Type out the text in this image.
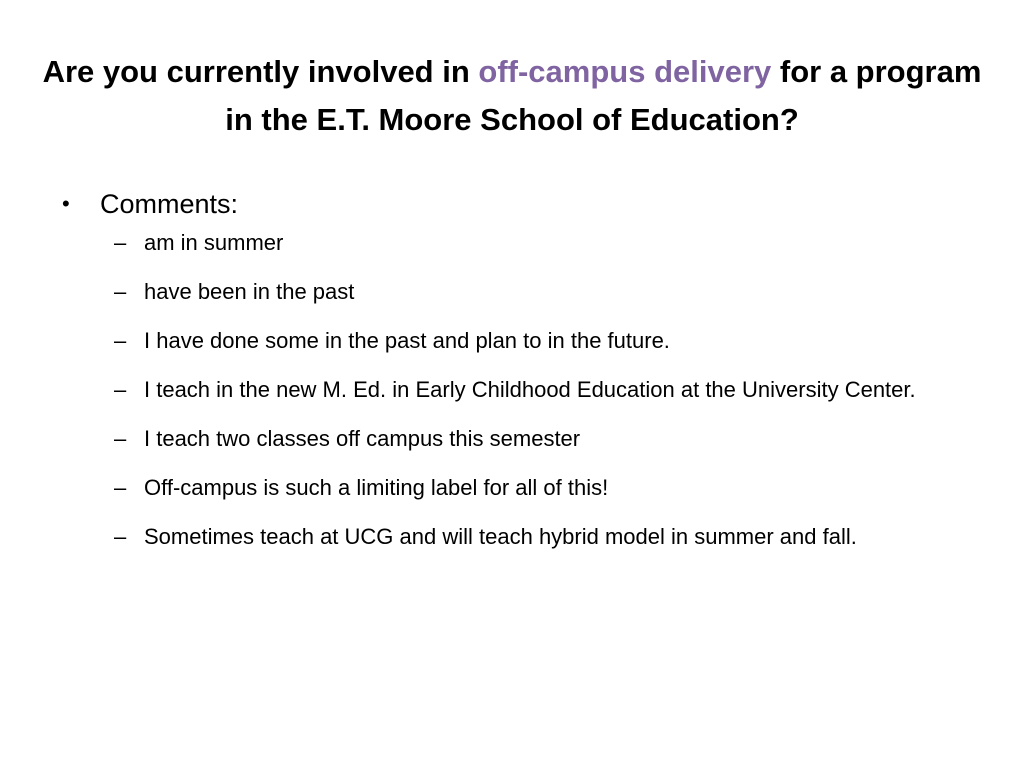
Are you currently involved in off-campus delivery for a program in the E.T. Moore School of Education?
•	Comments:
– am in summer
– have been in the past
– I have done some in the past and plan to in the future.
– I teach in the new M. Ed. in Early Childhood Education at the University Center.
– I teach two classes off campus this semester
– Off-campus is such a limiting label for all of this!
– Sometimes teach at UCG and will teach hybrid model in summer and fall.
